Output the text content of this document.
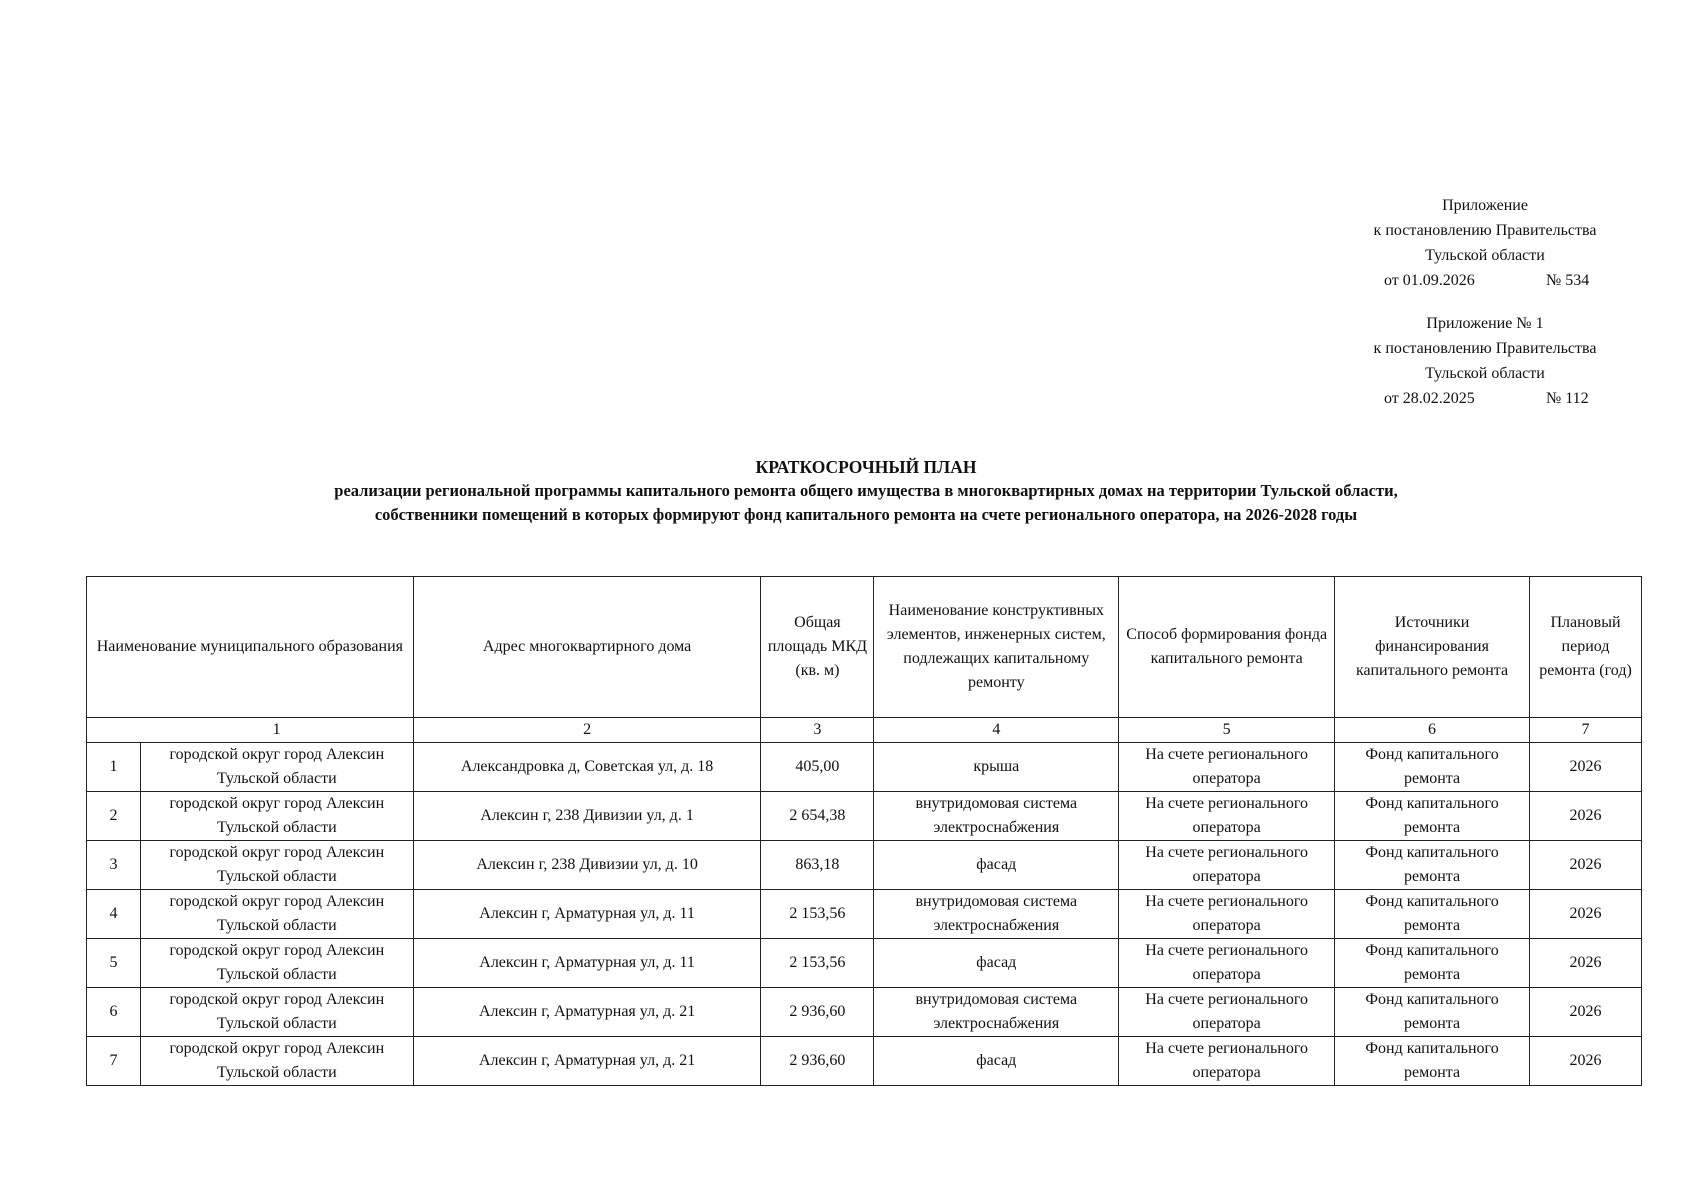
Приложение
к постановлению Правительства
Тульской области
от 01.09.2026	№ 534
Приложение № 1
к постановлению Правительства
Тульской области
от 28.02.2025	№ 112
КРАТКОСРОЧНЫЙ ПЛАН
реализации региональной программы капитального ремонта общего имущества в многоквартирных домах на территории Тульской области,
собственники помещений в которых формируют фонд капитального ремонта на счете регионального оператора, на 2026-2028 годы
Наименование муниципального образования		Адрес многоквартирного дома	Общая площадь МКД (кв. м)	Наименование конструктивных элементов, инженерных систем, подлежащих капитальному ремонту	Способ формирования фонда капитального ремонта	Источники финансирования капитального ремонта	Плановый период ремонта (год)
	1	2	3	4	5	6	7
1	городской округ город Алексин Тульской области	Александровка д, Советская ул, д. 18	405,00	крыша	На счете регионального оператора	Фонд капитального ремонта	2026
2	городской округ город Алексин Тульской области	Алексин г, 238 Дивизии ул, д. 1	2 654,38	внутридомовая система электроснабжения	На счете регионального оператора	Фонд капитального ремонта	2026
3	городской округ город Алексин Тульской области	Алексин г, 238 Дивизии ул, д. 10	863,18	фасад	На счете регионального оператора	Фонд капитального ремонта	2026
4	городской округ город Алексин Тульской области	Алексин г, Арматурная ул, д. 11	2 153,56	внутридомовая система электроснабжения	На счете регионального оператора	Фонд капитального ремонта	2026
5	городской округ город Алексин Тульской области	Алексин г, Арматурная ул, д. 11	2 153,56	фасад	На счете регионального оператора	Фонд капитального ремонта	2026
6	городской округ город Алексин Тульской области	Алексин г, Арматурная ул, д. 21	2 936,60	внутридомовая система электроснабжения	На счете регионального оператора	Фонд капитального ремонта	2026
7	городской округ город Алексин Тульской области	Алексин г, Арматурная ул, д. 21	2 936,60	фасад	На счете регионального оператора	Фонд капитального ремонта	2026
